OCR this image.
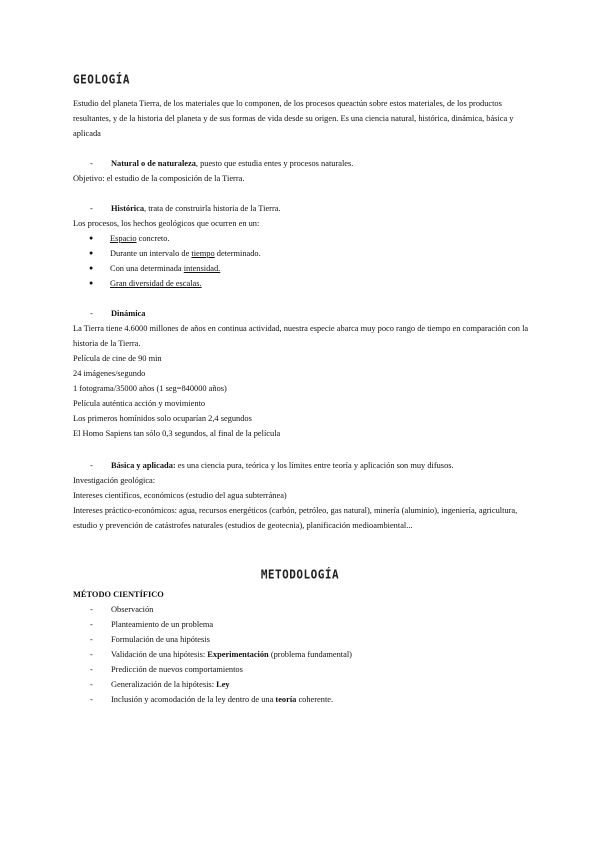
GEOLOGÍA

Estudio del planeta Tierra, de los materiales que lo componen, de los procesos queactún sobre estos materiales, de los productos resultantes, y de la historia del planeta y de sus formas de vida desde su origen. Es una ciencia natural, histórica, dinámica, básica y aplicada

- Natural o de naturaleza, puesto que estudia entes y procesos naturales.

Objetivo: el estudio de la composición de la Tierra.

- Histórica, trata de construirla historia de la Tierra.

Los procesos, los hechos geológicos que ocurren en un:

● Espacio concreto.
● Durante un intervalo de tiempo determinado.
● Con una determinada intensidad.
● Gran diversidad de escalas.
- Dinámica

La Tierra tiene 4.6000 millones de años en continua actividad, nuestra especie abarca muy poco rango de tiempo en comparación con la historia de la Tierra.

Película de cine de 90 min

24 imágenes/segundo

1 fotograma/35000 años (1 seg=840000 años)

Película auténtica acción y movimiento

Los primeros homínidos solo ocuparían 2,4 segundos

El Homo Sapiens tan sólo 0,3 segundos, al final de la película

- Básica y aplicada: es una ciencia pura, teórica y los límites entre teoría y aplicación son muy difusos.

Investigación geológica:

Intereses científicos, económicos (estudio del agua subterránea)

Intereses práctico-económicos: agua, recursos energéticos (carbón, petróleo, gas natural), minería (aluminio), ingeniería, agricultura, estudio y prevención de catástrofes naturales (estudios de geotecnia), planificación medioambiental...

METODOLOGÍA

MÉTODO CIENTÍFICO

- Observación
- Planteamiento de un problema
- Formulación de una hipótesis
- Validación de una hipótesis: Experimentación (problema fundamental)
- Predicción de nuevos comportamientos
- Generalización de la hipótesis: Ley
- Inclusión y acomodación de la ley dentro de una teoría coherente.
